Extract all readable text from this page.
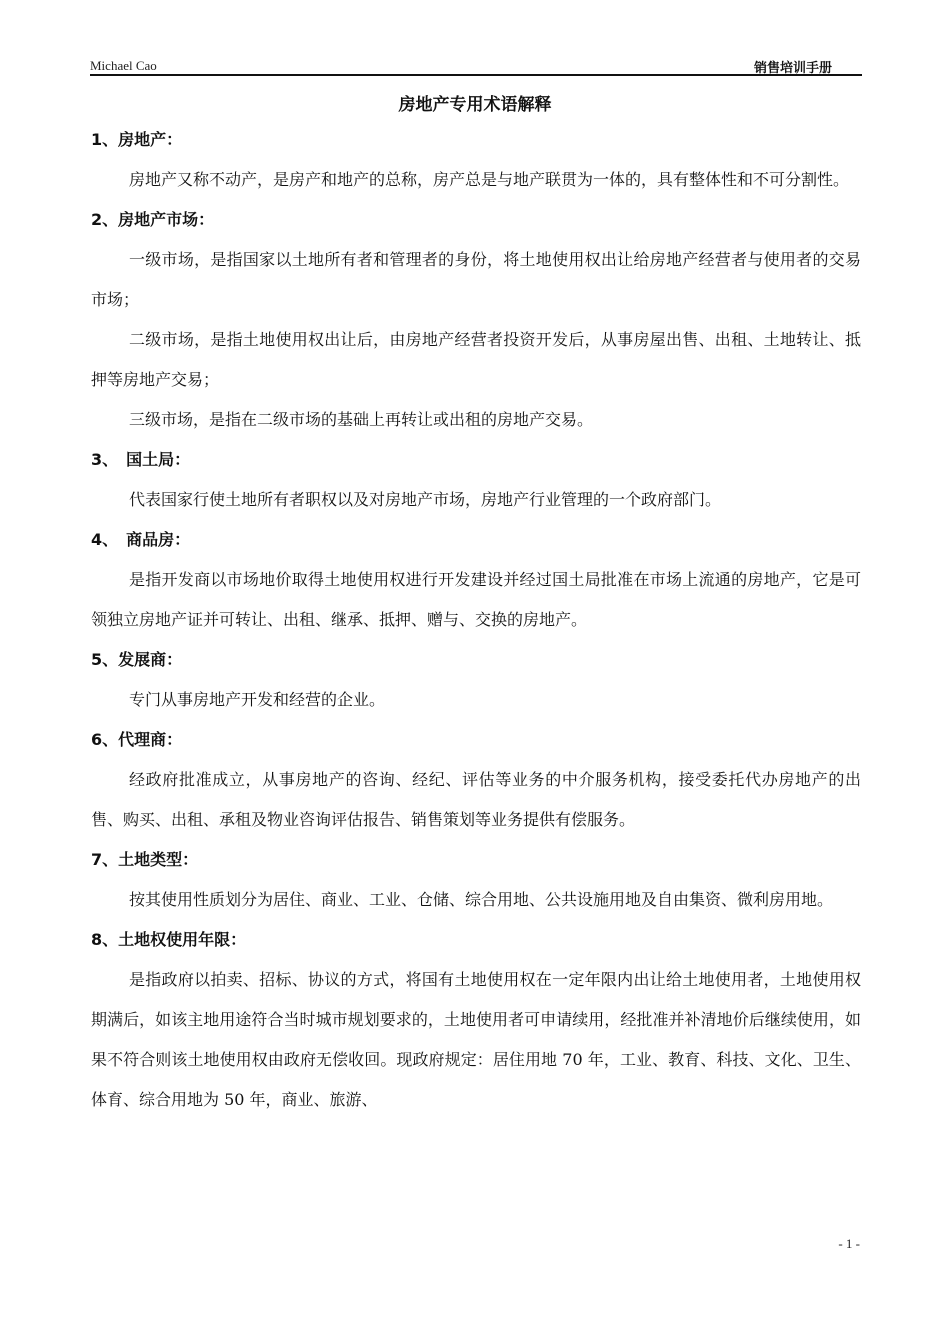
Michael Cao	销售培训手册
房地产专用术语解释
1、房地产：

房地产又称不动产，是房产和地产的总称，房产总是与地产联贯为一体的，具有整体性和不可分割性。

2、房地产市场：

一级市场，是指国家以土地所有者和管理者的身份，将土地使用权出让给房地产经营者与使用者的交易市场；

二级市场，是指土地使用权出让后，由房地产经营者投资开发后，从事房屋出售、出租、土地转让、抵押等房地产交易；

三级市场，是指在二级市场的基础上再转让或出租的房地产交易。

3、　国土局：

代表国家行使土地所有者职权以及对房地产市场，房地产行业管理的一个政府部门。

4、　商品房：

是指开发商以市场地价取得土地使用权进行开发建设并经过国土局批准在市场上流通的房地产，它是可领独立房地产证并可转让、出租、继承、抵押、赠与、交换的房地产。

5、发展商：

专门从事房地产开发和经营的企业。

6、代理商：

经政府批准成立，从事房地产的咨询、经纪、评估等业务的中介服务机构，接受委托代办房地产的出售、购买、出租、承租及物业咨询评估报告、销售策划等业务提供有偿服务。

7、土地类型：

按其使用性质划分为居住、商业、工业、仓储、综合用地、公共设施用地及自由集资、微利房用地。

8、土地权使用年限：

是指政府以拍卖、招标、协议的方式，将国有土地使用权在一定年限内出让给土地使用者，土地使用权期满后，如该主地用途符合当时城市规划要求的，土地使用者可申请续用，经批准并补清地价后继续使用，如果不符合则该土地使用权由政府无偿收回。现政府规定：居住用地 70 年，工业、教育、科技、文化、卫生、体育、综合用地为 50 年，商业、旅游、

- 1 -
